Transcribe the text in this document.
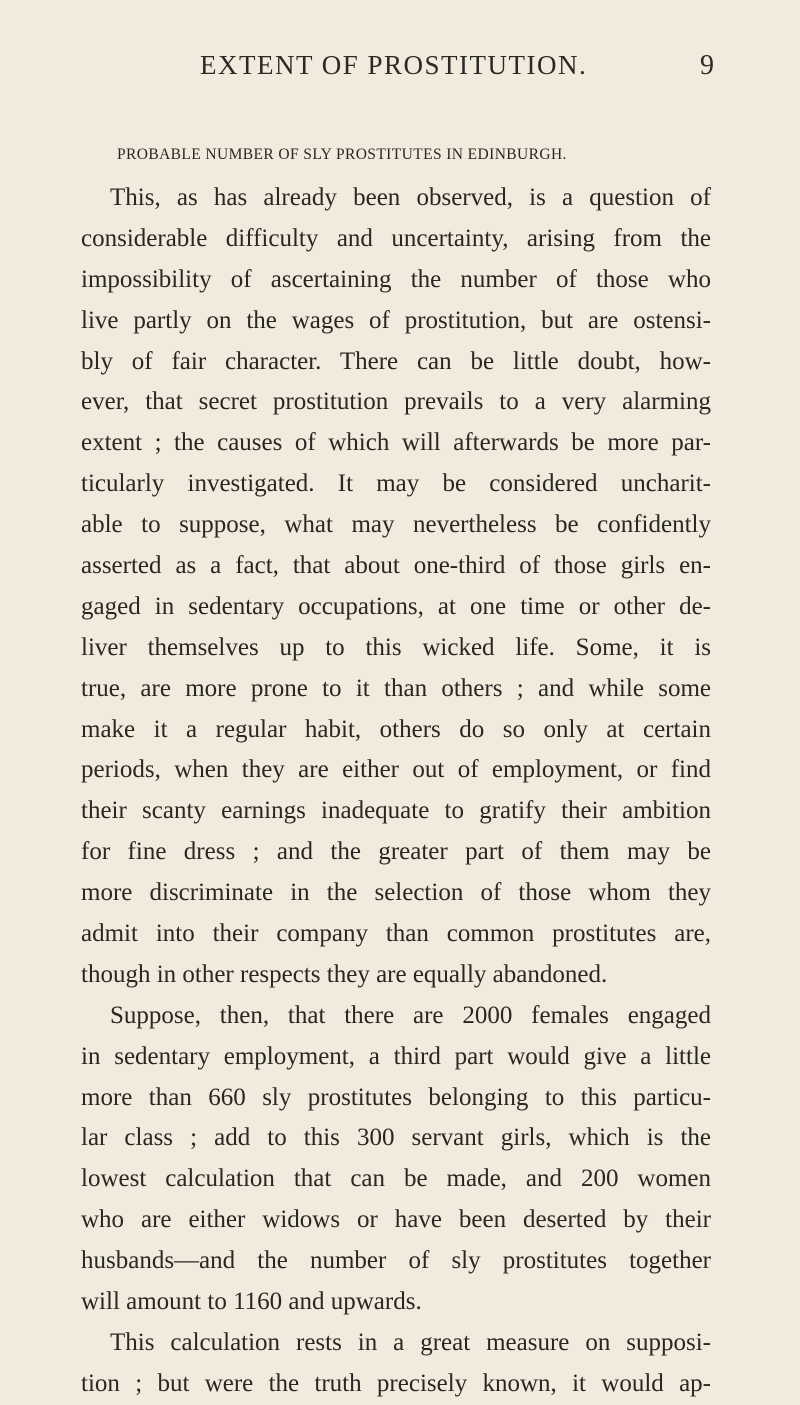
EXTENT OF PROSTITUTION.	9
PROBABLE NUMBER OF SLY PROSTITUTES IN EDINBURGH.
This, as has already been observed, is a question of
considerable difficulty and uncertainty, arising from the
impossibility of ascertaining the number of those who
live partly on the wages of prostitution, but are ostensi-
bly of fair character. There can be little doubt, how-
ever, that secret prostitution prevails to a very alarming
extent ; the causes of which will afterwards be more par-
ticularly investigated. It may be considered uncharit-
able to suppose, what may nevertheless be confidently
asserted as a fact, that about one-third of those girls en-
gaged in sedentary occupations, at one time or other de-
liver themselves up to this wicked life. Some, it is
true, are more prone to it than others ; and while some
make it a regular habit, others do so only at certain
periods, when they are either out of employment, or find
their scanty earnings inadequate to gratify their ambition
for fine dress ; and the greater part of them may be
more discriminate in the selection of those whom they
admit into their company than common prostitutes are,
though in other respects they are equally abandoned.
Suppose, then, that there are 2000 females engaged
in sedentary employment, a third part would give a little
more than 660 sly prostitutes belonging to this particu-
lar class ; add to this 300 servant girls, which is the
lowest calculation that can be made, and 200 women
who are either widows or have been deserted by their
husbands—and the number of sly prostitutes together
will amount to 1160 and upwards.
This calculation rests in a great measure on supposi-
tion ; but were the truth precisely known, it would ap-
